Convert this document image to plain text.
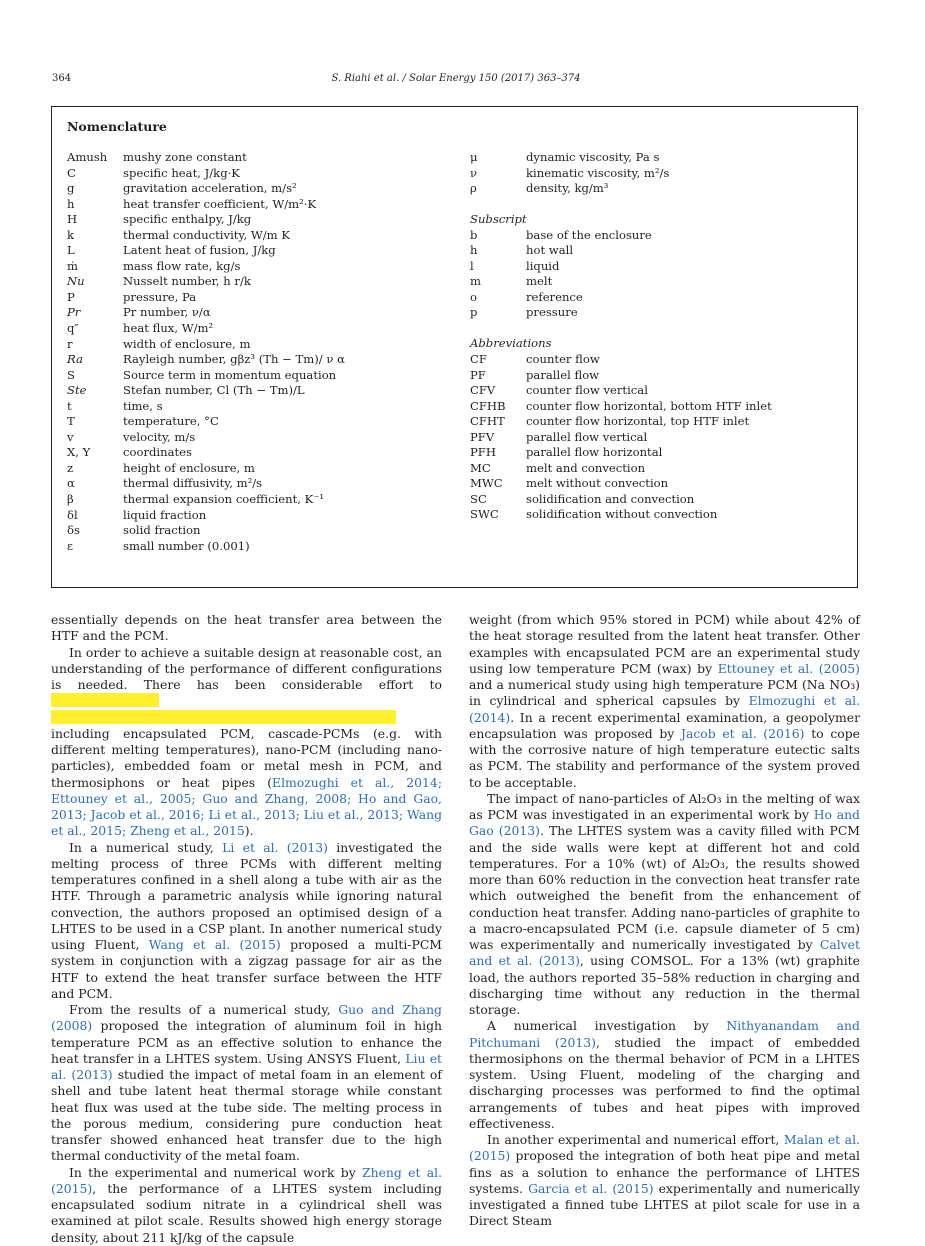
364	S. Riahi et al. / Solar Energy 150 (2017) 363–374
Nomenclature
Amush	mushy zone constant
C	specific heat, J/kg·K
g	gravitation acceleration, m/s²
h	heat transfer coefficient, W/m²·K
H	specific enthalpy, J/kg
k	thermal conductivity, W/m K
L	Latent heat of fusion, J/kg
ṁ	mass flow rate, kg/s
Nu	Nusselt number, h r/k
P	pressure, Pa
Pr	Pr number, ν/α
q″	heat flux, W/m²
r	width of enclosure, m
Ra	Rayleigh number, gβz³ (Th − Tm)/ ν α
S	Source term in momentum equation
Ste	Stefan number, Cl (Th − Tm)/L
t	time, s
T	temperature, °C
v	velocity, m/s
X, Y	coordinates
z	height of enclosure, m
α	thermal diffusivity, m²/s
β	thermal expansion coefficient, K⁻¹
δl	liquid fraction
δs	solid fraction
ε	small number (0.001)
μ	dynamic viscosity, Pa s
ν	kinematic viscosity, m²/s
ρ	density, kg/m³
Subscript
b	base of the enclosure
h	hot wall
l	liquid
m	melt
o	reference
p	pressure
Abbreviations
CF	counter flow
PF	parallel flow
CFV	counter flow vertical
CFHB	counter flow horizontal, bottom HTF inlet
CFHT	counter flow horizontal, top HTF inlet
PFV	parallel flow vertical
PFH	parallel flow horizontal
MC	melt and convection
MWC	melt without convection
SC	solidification and convection
SWC	solidification without convection

essentially depends on the heat transfer area between the HTF and the PCM.

In order to achieve a suitable design at reasonable cost, an understanding of the performance of different configurations is needed. There has been considerable effort to
including encapsulated PCM, cascade-PCMs (e.g. with different melting temperatures), nano-PCM (including nano-particles), embedded foam or metal mesh in PCM, and thermosiphons or heat pipes (Elmozughi et al., 2014; Ettouney et al., 2005; Guo and Zhang, 2008; Ho and Gao, 2013; Jacob et al., 2016; Li et al., 2013; Liu et al., 2013; Wang et al., 2015; Zheng et al., 2015).

In a numerical study, Li et al. (2013) investigated the melting process of three PCMs with different melting temperatures confined in a shell along a tube with air as the HTF. Through a parametric analysis while ignoring natural convection, the authors proposed an optimised design of a LHTES to be used in a CSP plant. In another numerical study using Fluent, Wang et al. (2015) proposed a multi-PCM system in conjunction with a zigzag passage for air as the HTF to extend the heat transfer surface between the HTF and PCM.

From the results of a numerical study, Guo and Zhang (2008) proposed the integration of aluminum foil in high temperature PCM as an effective solution to enhance the heat transfer in a LHTES system. Using ANSYS Fluent, Liu et al. (2013) studied the impact of metal foam in an element of shell and tube latent heat thermal storage while constant heat flux was used at the tube side. The melting process in the porous medium, considering pure conduction heat transfer showed enhanced heat transfer due to the high thermal conductivity of the metal foam.

In the experimental and numerical work by Zheng et al. (2015), the performance of a LHTES system including encapsulated sodium nitrate in a cylindrical shell was examined at pilot scale. Results showed high energy storage density, about 211 kJ/kg of the capsule

weight (from which 95% stored in PCM) while about 42% of the heat storage resulted from the latent heat transfer. Other examples with encapsulated PCM are an experimental study using low temperature PCM (wax) by Ettouney et al. (2005) and a numerical study using high temperature PCM (Na NO₃) in cylindrical and spherical capsules by Elmozughi et al. (2014). In a recent experimental examination, a geopolymer encapsulation was proposed by Jacob et al. (2016) to cope with the corrosive nature of high temperature eutectic salts as PCM. The stability and performance of the system proved to be acceptable.

The impact of nano-particles of Al₂O₃ in the melting of wax as PCM was investigated in an experimental work by Ho and Gao (2013). The LHTES system was a cavity filled with PCM and the side walls were kept at different hot and cold temperatures. For a 10% (wt) of Al₂O₃, the results showed more than 60% reduction in the convection heat transfer rate which outweighed the benefit from the enhancement of conduction heat transfer. Adding nano-particles of graphite to a macro-encapsulated PCM (i.e. capsule diameter of 5 cm) was experimentally and numerically investigated by Calvet and et al. (2013), using COMSOL. For a 13% (wt) graphite load, the authors reported 35–58% reduction in charging and discharging time without any reduction in the thermal storage.

A numerical investigation by Nithyanandam and Pitchumani (2013), studied the impact of embedded thermosiphons on the thermal behavior of PCM in a LHTES system. Using Fluent, modeling of the charging and discharging processes was performed to find the optimal arrangements of tubes and heat pipes with improved effectiveness.

In another experimental and numerical effort, Malan et al. (2015) proposed the integration of both heat pipe and metal fins as a solution to enhance the performance of LHTES systems. Garcia et al. (2015) experimentally and numerically investigated a finned tube LHTES at pilot scale for use in a Direct Steam
